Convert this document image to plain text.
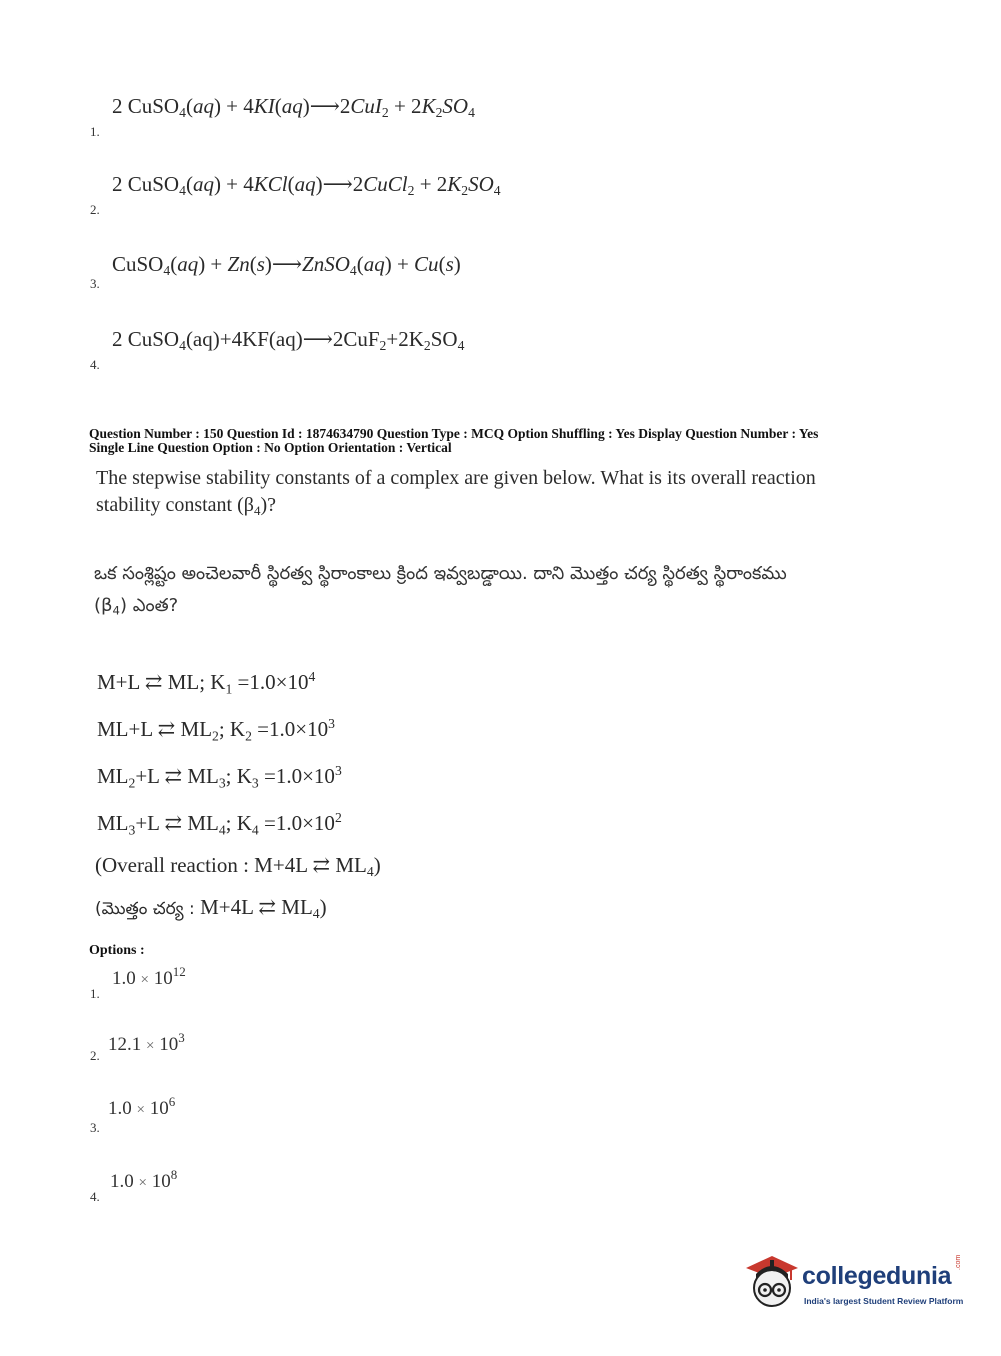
2 CuSO$_4$(aq) + 4KI(aq)⟶2CuI$_2$ + $2K_2SO_4$
1.
2 CuSO$_4$(aq) + 4KCl(aq)⟶2CuCl$_2$ + $2K_2SO_4$
2.
CuSO$_4$(aq) + Zn(s)⟶ZnSO$_4$(aq) + Cu(s)
3.
2 $CuSO_4(aq)+4KF(aq)⟶2CuF_2+2K_2SO_4$
4.
Question Number : 150 Question Id : 1874634790 Question Type : MCQ Option Shuffling : Yes Display Question Number : Yes
Single Line Question Option : No Option Orientation : Vertical
The stepwise stability constants of a complex are given below. What is its overall reaction
stability constant $(\beta_4)$?
ఒక సంశ్లిష్టం అంచెలవారీ స్థిరత్వ స్థిరాంకాలు క్రింద ఇవ్వబడ్డాయి. దాని మొత్తం చర్య స్థిరత్వ స్థిరాంకము
$(\beta_4)$ ఎంత?
M+L ⇄ ML; $K_1 =1.0\times 10^4$
ML+L ⇄ $ML_2$; $K_2 =1.0\times 10^3$
$ML_2+L$ ⇄ $ML_3$; $K_3 =1.0\times 10^3$
$ML_3+L$ ⇄ $ML_4$; $K_4 =1.0\times 10^2$
(Overall reaction : M+4L ⇄ $ML_4$)
(మొత్తం చర్య : M+4L ⇄ $ML_4$)
Options :
$1.0 \times 10^{12}$
1.
$12.1 \times 10^3$
2.
$1.0 \times 10^6$
3.
$1.0 \times 10^8$
4.
collegedunia .com
India's largest Student Review Platform
